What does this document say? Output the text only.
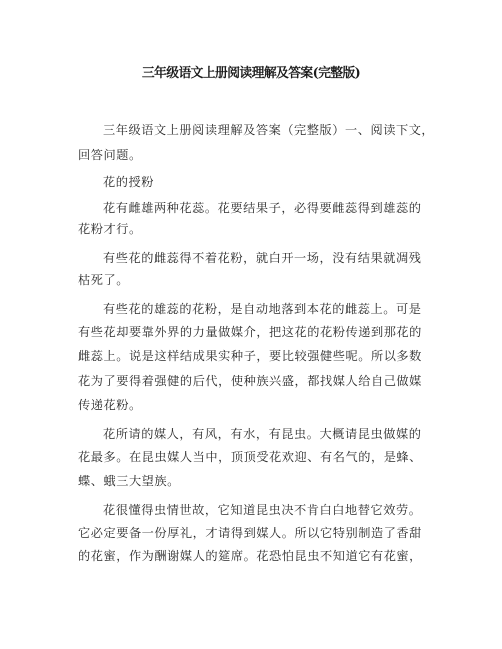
三年级语文上册阅读理解及答案(完整版)
三年级语文上册阅读理解及答案（完整版）一、阅读下文，
回答问题。
花的授粉
花有雌雄两种花蕊。花要结果子，必得要雌蕊得到雄蕊的
花粉才行。
有些花的雌蕊得不着花粉，就白开一场，没有结果就凋残
枯死了。
有些花的雄蕊的花粉，是自动地落到本花的雌蕊上。可是
有些花却要靠外界的力量做媒介，把这花的花粉传递到那花的
雌蕊上。说是这样结成果实种子，要比较强健些呢。所以多数
花为了要得着强健的后代，使种族兴盛，都找媒人给自己做媒
传递花粉。
花所请的媒人，有风，有水，有昆虫。大概请昆虫做媒的
花最多。在昆虫媒人当中，顶顶受花欢迎、有名气的，是蜂、
蝶、蛾三大望族。
花很懂得虫情世故，它知道昆虫决不肯白白地替它效劳。
它必定要备一份厚礼，才请得到媒人。所以它特别制造了香甜
的花蜜，作为酬谢媒人的筵席。花恐怕昆虫不知道它有花蜜，
